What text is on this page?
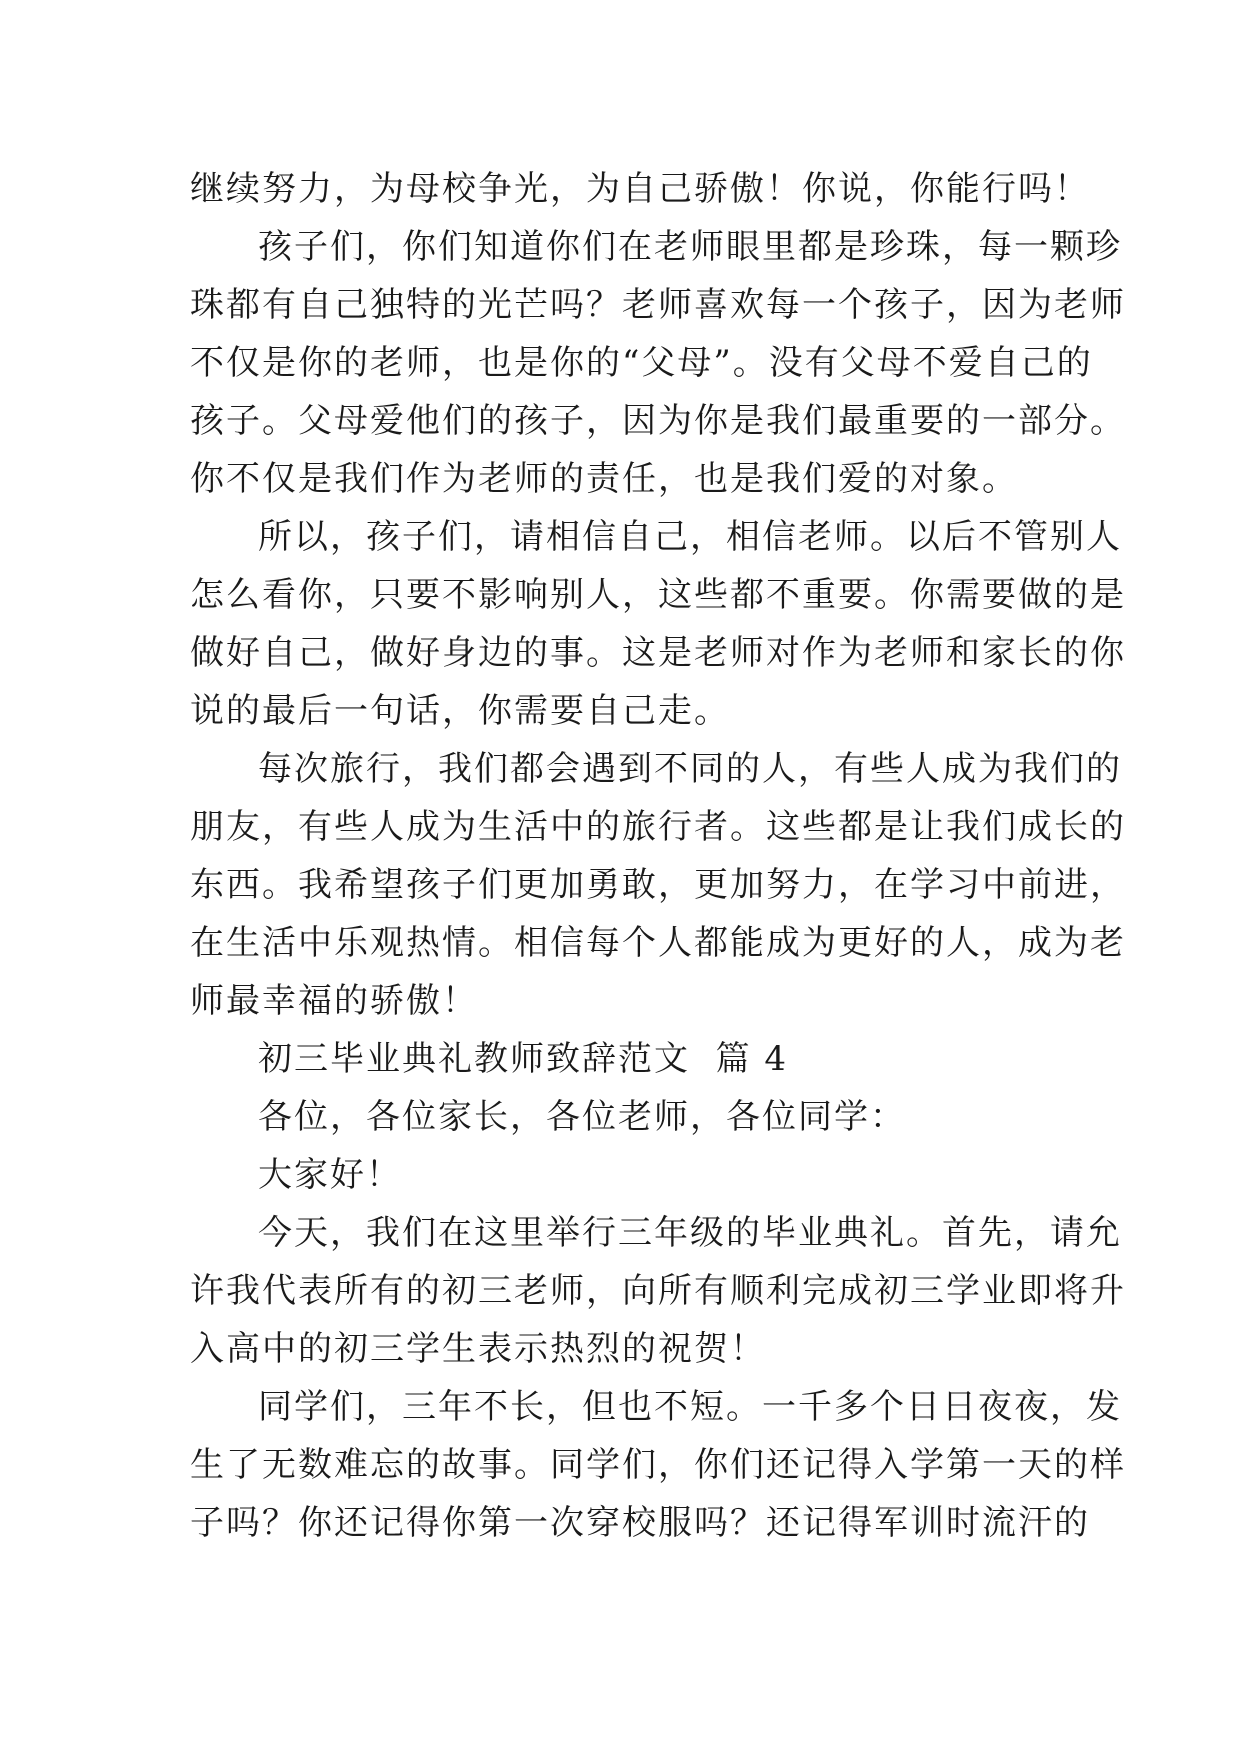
继续努力，为母校争光，为自己骄傲！你说，你能行吗！
孩子们，你们知道你们在老师眼里都是珍珠，每一颗珍
珠都有自己独特的光芒吗？老师喜欢每一个孩子，因为老师
不仅是你的老师，也是你的“父母”。没有父母不爱自己的
孩子。父母爱他们的孩子，因为你是我们最重要的一部分。
你不仅是我们作为老师的责任，也是我们爱的对象。
所以，孩子们，请相信自己，相信老师。以后不管别人
怎么看你，只要不影响别人，这些都不重要。你需要做的是
做好自己，做好身边的事。这是老师对作为老师和家长的你
说的最后一句话，你需要自己走。
每次旅行，我们都会遇到不同的人，有些人成为我们的
朋友，有些人成为生活中的旅行者。这些都是让我们成长的
东西。我希望孩子们更加勇敢，更加努力，在学习中前进，
在生活中乐观热情。相信每个人都能成为更好的人，成为老
师最幸福的骄傲！
初三毕业典礼教师致辞范文  篇 4
各位，各位家长，各位老师，各位同学：
大家好！
今天，我们在这里举行三年级的毕业典礼。首先，请允
许我代表所有的初三老师，向所有顺利完成初三学业即将升
入高中的初三学生表示热烈的祝贺！
同学们，三年不长，但也不短。一千多个日日夜夜，发
生了无数难忘的故事。同学们，你们还记得入学第一天的样
子吗？你还记得你第一次穿校服吗？还记得军训时流汗的
